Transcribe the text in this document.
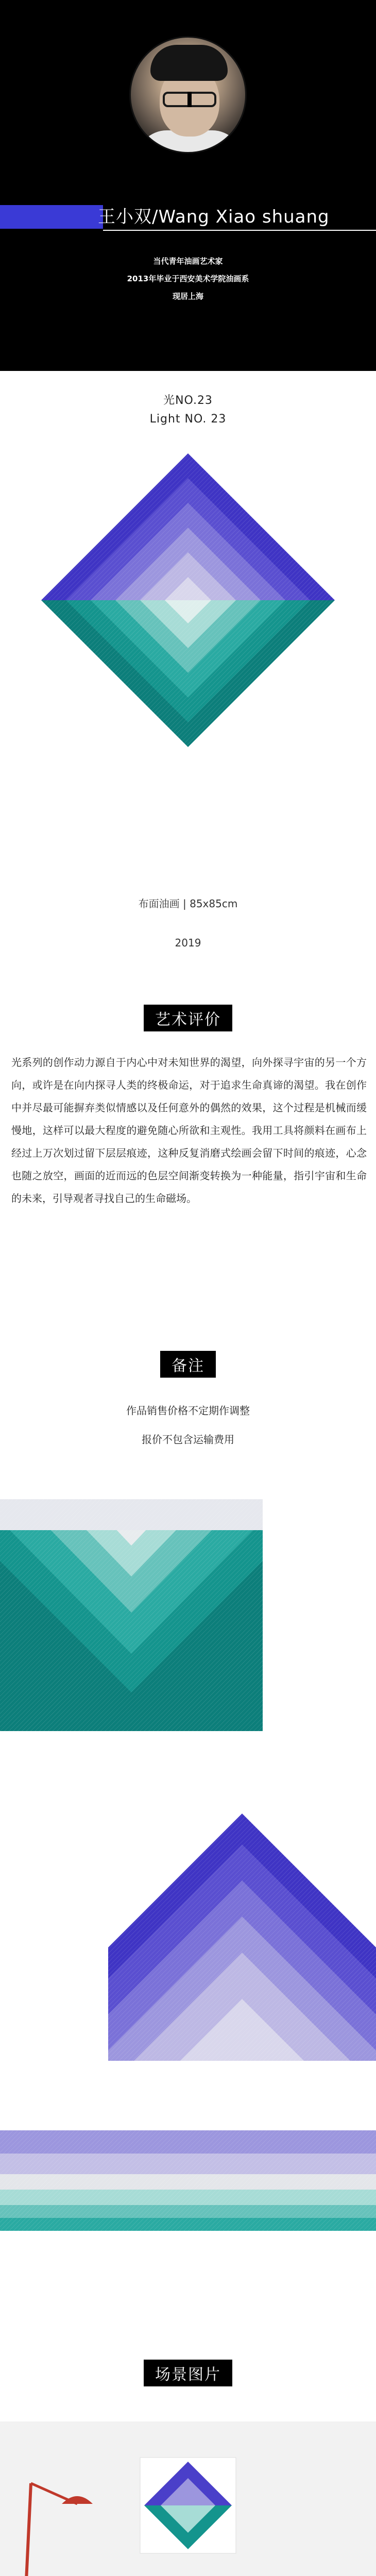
王小双/Wang Xiao shuang
当代青年油画艺术家
2013年毕业于西安美术学院油画系
现居上海
光NO.23
Light NO. 23
布面油画 | 85x85cm
2019
艺术评价
光系列的创作动力源自于内心中对未知世界的渴望，向外探寻宇宙的另一个方向，或许是在向内探寻人类的终极命运，对于追求生命真谛的渴望。我在创作中并尽最可能摒弃类似情感以及任何意外的偶然的效果，这个过程是机械而缓慢地，这样可以最大程度的避免随心所欲和主观性。我用工具将颜料在画布上经过上万次划过留下层层痕迹，这种反复消磨式绘画会留下时间的痕迹，心念也随之放空，画面的近而远的色层空间渐变转换为一种能量，指引宇宙和生命的未来，引导观者寻找自己的生命磁场。
备注
作品销售价格不定期作调整
报价不包含运输费用
场景图片
